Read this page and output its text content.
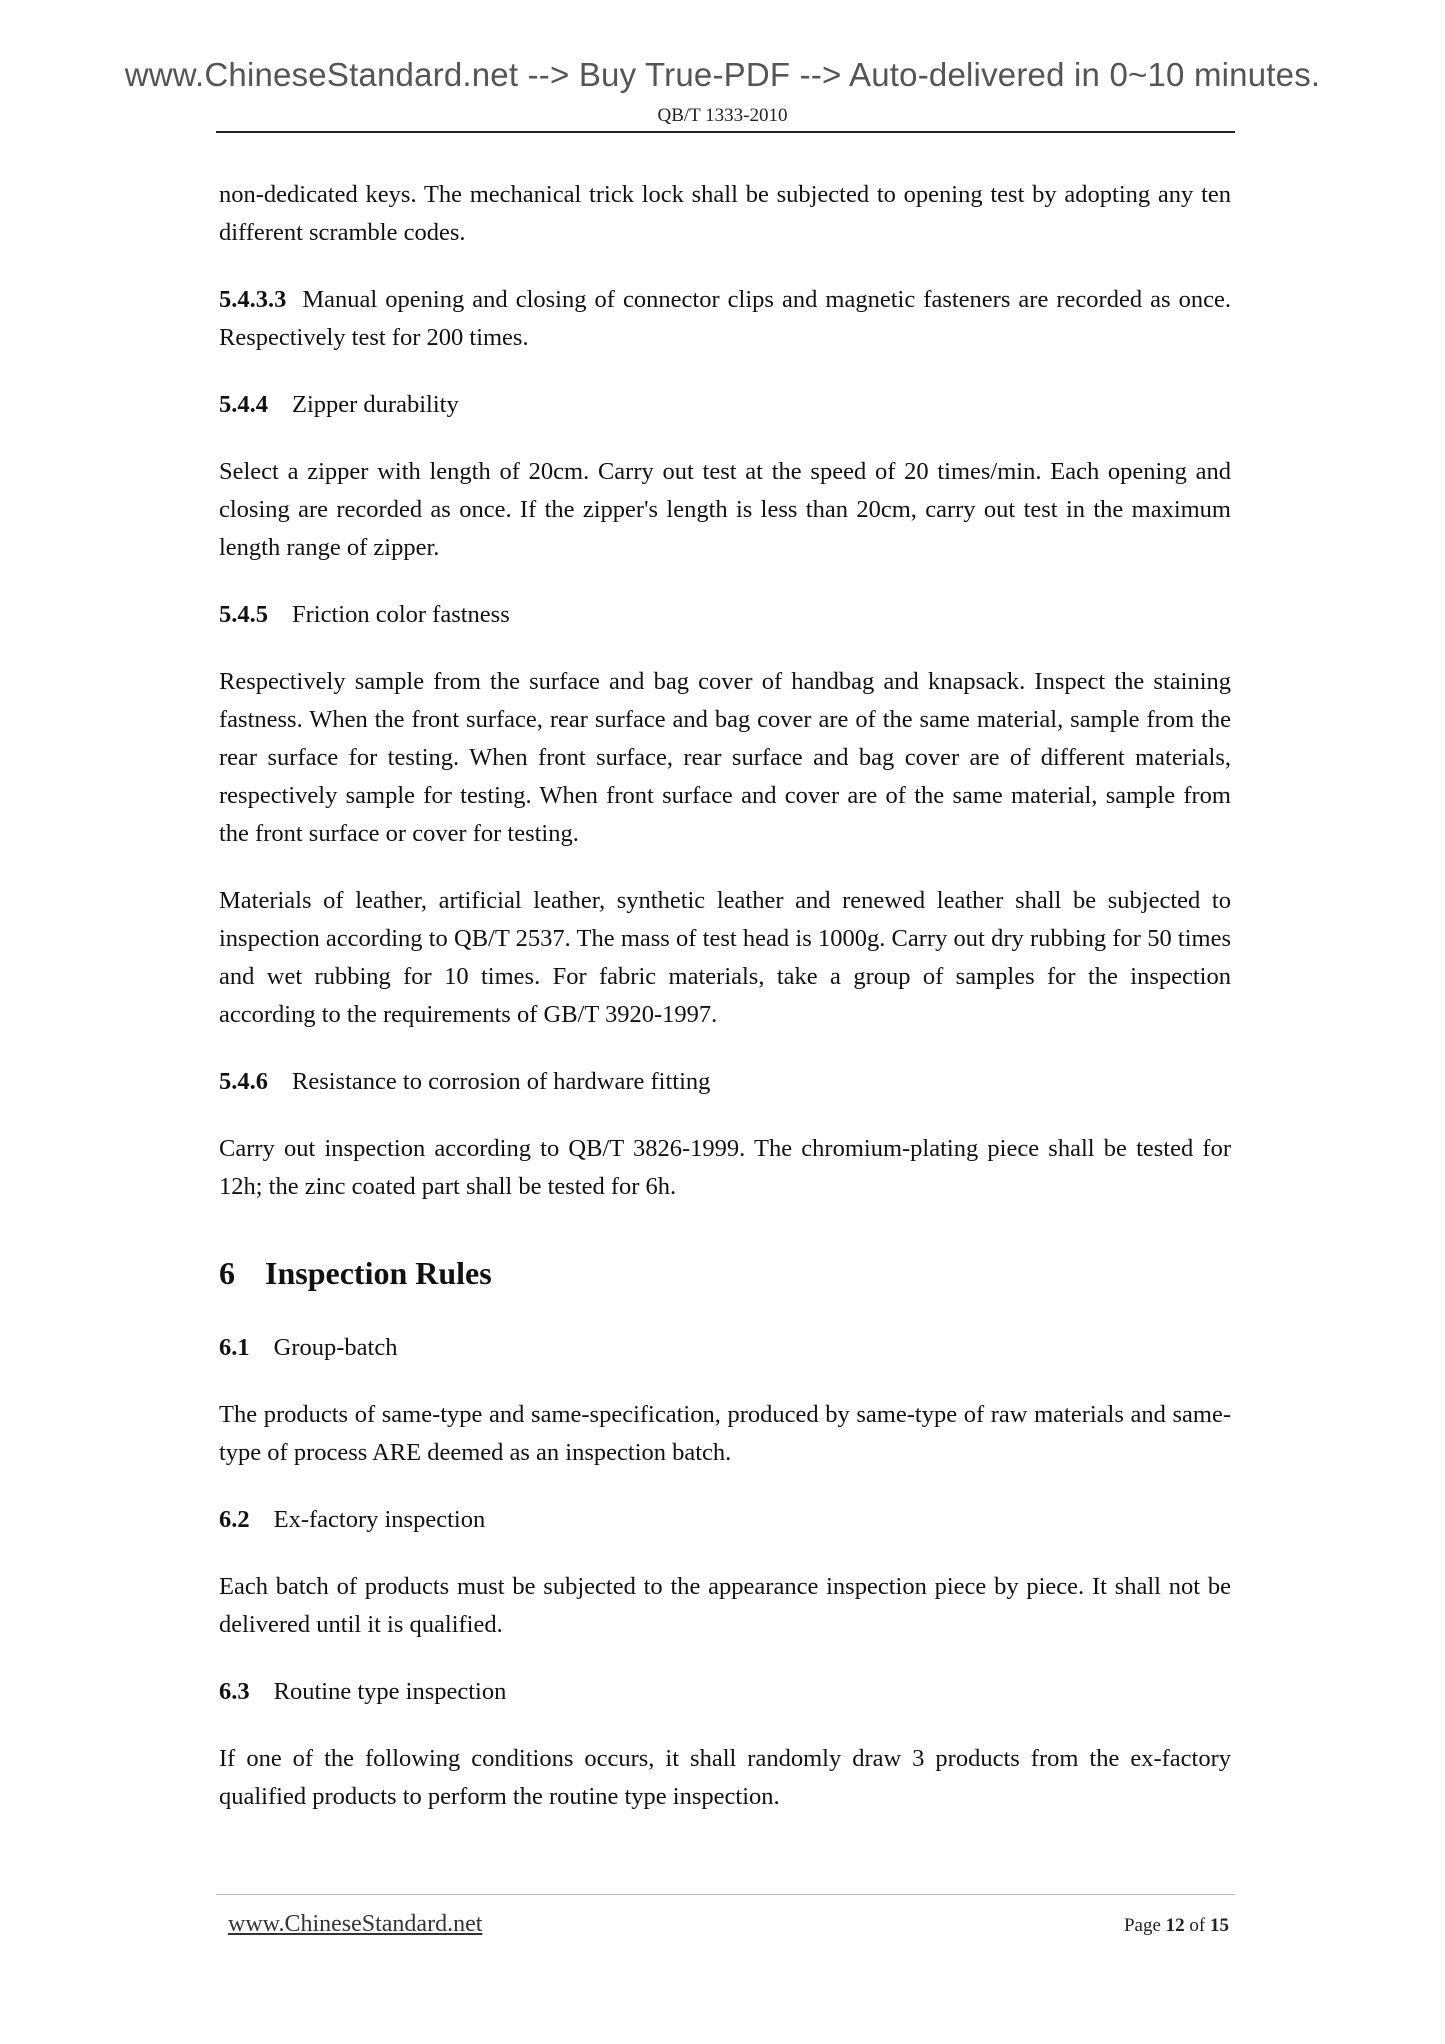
www.ChineseStandard.net --> Buy True-PDF --> Auto-delivered in 0~10 minutes.
QB/T 1333-2010

non-dedicated keys. The mechanical trick lock shall be subjected to opening test by adopting any ten different scramble codes.

5.4.3.3 Manual opening and closing of connector clips and magnetic fasteners are recorded as once. Respectively test for 200 times.

5.4.4 Zipper durability

Select a zipper with length of 20cm. Carry out test at the speed of 20 times/min. Each opening and closing are recorded as once. If the zipper's length is less than 20cm, carry out test in the maximum length range of zipper.

5.4.5 Friction color fastness

Respectively sample from the surface and bag cover of handbag and knapsack. Inspect the staining fastness. When the front surface, rear surface and bag cover are of the same material, sample from the rear surface for testing. When front surface, rear surface and bag cover are of different materials, respectively sample for testing. When front surface and cover are of the same material, sample from the front surface or cover for testing.

Materials of leather, artificial leather, synthetic leather and renewed leather shall be subjected to inspection according to QB/T 2537. The mass of test head is 1000g. Carry out dry rubbing for 50 times and wet rubbing for 10 times. For fabric materials, take a group of samples for the inspection according to the requirements of GB/T 3920-1997.

5.4.6 Resistance to corrosion of hardware fitting

Carry out inspection according to QB/T 3826-1999. The chromium-plating piece shall be tested for 12h; the zinc coated part shall be tested for 6h.

6 Inspection Rules
6.1 Group-batch

The products of same-type and same-specification, produced by same-type of raw materials and same-type of process ARE deemed as an inspection batch.

6.2 Ex-factory inspection

Each batch of products must be subjected to the appearance inspection piece by piece. It shall not be delivered until it is qualified.

6.3 Routine type inspection

If one of the following conditions occurs, it shall randomly draw 3 products from the ex-factory qualified products to perform the routine type inspection.

www.ChineseStandard.net	Page 12 of 15
